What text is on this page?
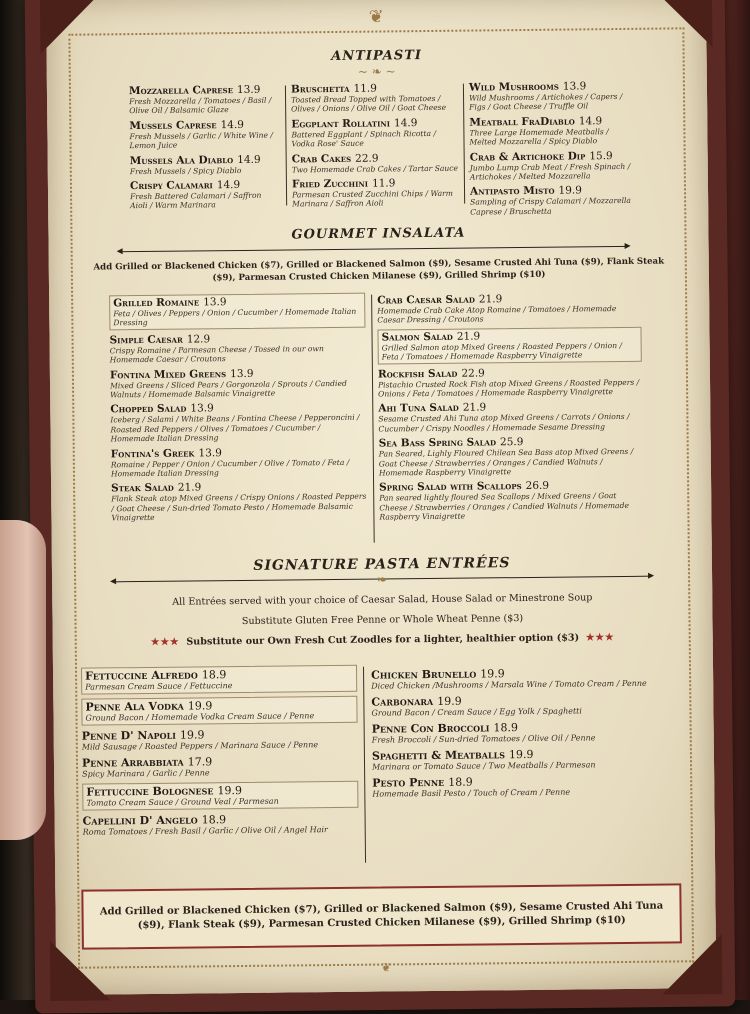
❦
ANTIPASTI
~ ❧ ~
Mozzarella Caprese 13.9
Fresh Mozzarella / Tomatoes / Basil / Olive Oil / Balsamic Glaze
Mussels Caprese 14.9
Fresh Mussels / Garlic / White Wine / Lemon Juice
Mussels Ala Diablo 14.9
Fresh Mussels / Spicy Diablo
Crispy Calamari 14.9
Fresh Battered Calamari / Saffron Aioli / Warm Marinara
Bruschetta 11.9
Toasted Bread Topped with Tomatoes / Olives / Onions / Olive Oil / Goat Cheese
Eggplant Rollatini 14.9
Battered Eggplant / Spinach Ricotta / Vodka Rose' Sauce
Crab Cakes 22.9
Two Homemade Crab Cakes / Tartar Sauce
Fried Zucchini 11.9
Parmesan Crusted Zucchini Chips / Warm Marinara / Saffron Aioli
Wild Mushrooms 13.9
Wild Mushrooms / Artichokes / Capers / Figs / Goat Cheese / Truffle Oil
Meatball FraDiablo 14.9
Three Large Homemade Meatballs / Melted Mozzarella / Spicy Diablo
Crab & Artichoke Dip 15.9
Jumbo Lump Crab Meat / Fresh Spinach / Artichokes / Melted Mozzarella
Antipasto Misto 19.9
Sampling of Crispy Calamari / Mozzarella Caprese / Bruschetta
GOURMET INSALATA
Add Grilled or Blackened Chicken ($7), Grilled or Blackened Salmon ($9), Sesame Crusted Ahi Tuna ($9), Flank Steak ($9), Parmesan Crusted Chicken Milanese ($9), Grilled Shrimp ($10)
Grilled Romaine 13.9
Feta / Olives / Peppers / Onion / Cucumber / Homemade Italian Dressing
Simple Caesar 12.9
Crispy Romaine / Parmesan Cheese / Tossed in our own Homemade Caesar / Croutons
Fontina Mixed Greens 13.9
Mixed Greens / Sliced Pears / Gorgonzola / Sprouts / Candied Walnuts / Homemade Balsamic Vinaigrette
Chopped Salad 13.9
Iceberg / Salami / White Beans / Fontina Cheese / Pepperoncini / Roasted Red Peppers / Olives / Tomatoes / Cucumber / Homemade Italian Dressing
Fontina's Greek 13.9
Romaine / Pepper / Onion / Cucumber / Olive / Tomato / Feta / Homemade Italian Dressing
Steak Salad 21.9
Flank Steak atop Mixed Greens / Crispy Onions / Roasted Peppers / Goat Cheese / Sun-dried Tomato Pesto / Homemade Balsamic Vinaigrette
Crab Caesar Salad 21.9
Homemade Crab Cake Atop Romaine / Tomatoes / Homemade Caesar Dressing / Croutons
Salmon Salad 21.9
Grilled Salmon atop Mixed Greens / Roasted Peppers / Onion / Feta / Tomatoes / Homemade Raspberry Vinaigrette
Rockfish Salad 22.9
Pistachio Crusted Rock Fish atop Mixed Greens / Roasted Peppers / Onions / Feta / Tomatoes / Homemade Raspberry Vinaigrette
Ahi Tuna Salad 21.9
Sesame Crusted Ahi Tuna atop Mixed Greens / Carrots / Onions / Cucumber / Crispy Noodles / Homemade Sesame Dressing
Sea Bass Spring Salad 25.9
Pan Seared, Lighly Floured Chilean Sea Bass atop Mixed Greens / Goat Cheese / Strawberries / Oranges / Candied Walnuts / Homemade Raspberry Vinaigrette
Spring Salad with Scallops 26.9
Pan seared lightly floured Sea Scallops / Mixed Greens / Goat Cheese / Strawberries / Oranges / Candied Walnuts / Homemade Raspberry Vinaigrette
SIGNATURE PASTA ENTRÉES
❧
All Entrées served with your choice of Caesar Salad, House Salad or Minestrone Soup
Substitute Gluten Free Penne or Whole Wheat Penne ($3)
★★★ Substitute our Own Fresh Cut Zoodles for a lighter, healthier option ($3) ★★★
Fettuccine Alfredo 18.9
Parmesan Cream Sauce / Fettuccine
Penne Ala Vodka 19.9
Ground Bacon / Homemade Vodka Cream Sauce / Penne
Penne D' Napoli 19.9
Mild Sausage / Roasted Peppers / Marinara Sauce / Penne
Penne Arrabbiata 17.9
Spicy Marinara / Garlic / Penne
Fettuccine Bolognese 19.9
Tomato Cream Sauce / Ground Veal / Parmesan
Capellini D' Angelo 18.9
Roma Tomatoes / Fresh Basil / Garlic / Olive Oil / Angel Hair
Chicken Brunello 19.9
Diced Chicken /Mushrooms / Marsala Wine / Tomato Cream / Penne
Carbonara 19.9
Ground Bacon / Cream Sauce / Egg Yolk / Spaghetti
Penne Con Broccoli 18.9
Fresh Broccoli / Sun-dried Tomatoes / Olive Oil / Penne
Spaghetti & Meatballs 19.9
Marinara or Tomato Sauce / Two Meatballs / Parmesan
Pesto Penne 18.9
Homemade Basil Pesto / Touch of Cream / Penne
Add Grilled or Blackened Chicken ($7), Grilled or Blackened Salmon ($9), Sesame Crusted Ahi Tuna ($9), Flank Steak ($9), Parmesan Crusted Chicken Milanese ($9), Grilled Shrimp ($10)
❦
